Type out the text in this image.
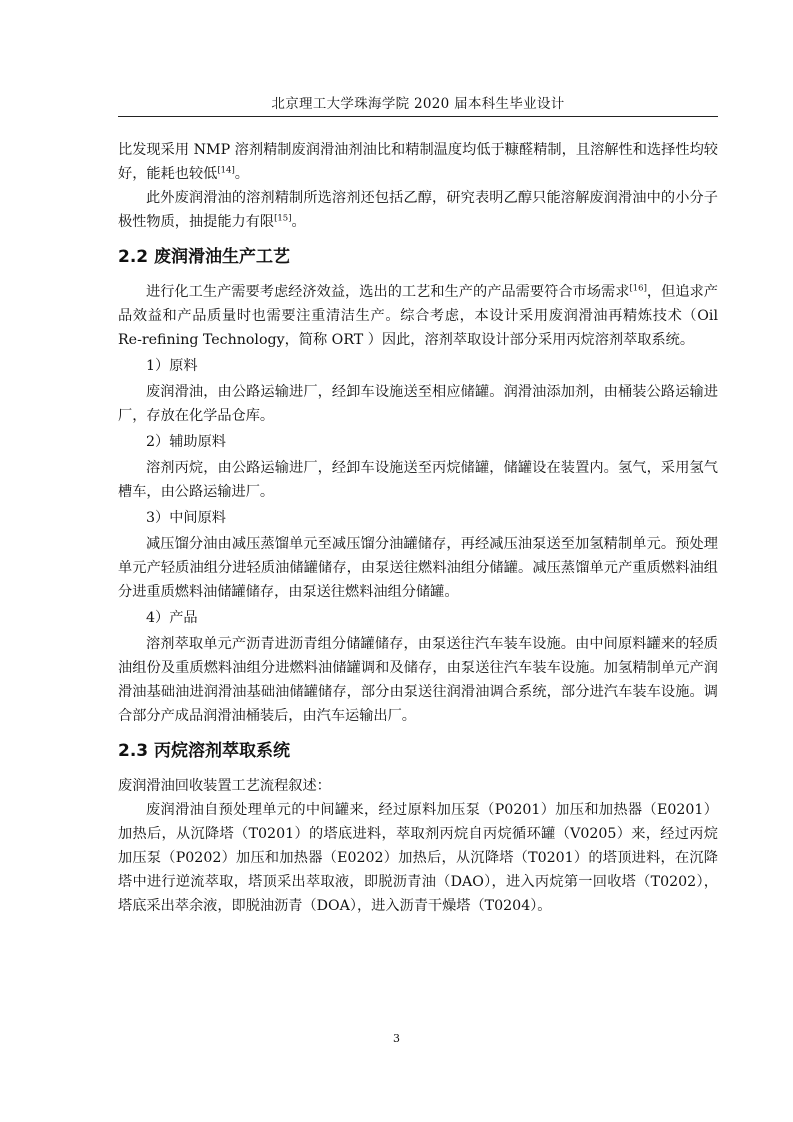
北京理工大学珠海学院 2020 届本科生毕业设计

比发现采用 NMP 溶剂精制废润滑油剂油比和精制温度均低于糠醛精制，且溶解性和选择性均较好，能耗也较低[14]。

此外废润滑油的溶剂精制所选溶剂还包括乙醇，研究表明乙醇只能溶解废润滑油中的小分子极性物质，抽提能力有限[15]。

2.2 废润滑油生产工艺

进行化工生产需要考虑经济效益，选出的工艺和生产的产品需要符合市场需求[16]，但追求产品效益和产品质量时也需要注重清洁生产。综合考虑，本设计采用废润滑油再精炼技术（Oil Re-refining Technology，简称 ORT ）因此，溶剂萃取设计部分采用丙烷溶剂萃取系统。

1）原料

废润滑油，由公路运输进厂，经卸车设施送至相应储罐。润滑油添加剂，由桶装公路运输进厂，存放在化学品仓库。

2）辅助原料

溶剂丙烷，由公路运输进厂，经卸车设施送至丙烷储罐，储罐设在装置内。氢气，采用氢气槽车，由公路运输进厂。

3）中间原料

减压馏分油由减压蒸馏单元至减压馏分油罐储存，再经减压油泵送至加氢精制单元。预处理单元产轻质油组分进轻质油储罐储存，由泵送往燃料油组分储罐。减压蒸馏单元产重质燃料油组分进重质燃料油储罐储存，由泵送往燃料油组分储罐。

4）产品

溶剂萃取单元产沥青进沥青组分储罐储存，由泵送往汽车装车设施。由中间原料罐来的轻质油组份及重质燃料油组分进燃料油储罐调和及储存，由泵送往汽车装车设施。加氢精制单元产润滑油基础油进润滑油基础油储罐储存，部分由泵送往润滑油调合系统，部分进汽车装车设施。调合部分产成品润滑油桶装后，由汽车运输出厂。

2.3 丙烷溶剂萃取系统

废润滑油回收装置工艺流程叙述：

废润滑油自预处理单元的中间罐来，经过原料加压泵（P0201）加压和加热器（E0201）加热后，从沉降塔（T0201）的塔底进料，萃取剂丙烷自丙烷循环罐（V0205）来，经过丙烷加压泵（P0202）加压和加热器（E0202）加热后，从沉降塔（T0201）的塔顶进料，在沉降塔中进行逆流萃取，塔顶采出萃取液，即脱沥青油（DAO），进入丙烷第一回收塔（T0202），塔底采出萃余液，即脱油沥青（DOA），进入沥青干燥塔（T0204）。

3
